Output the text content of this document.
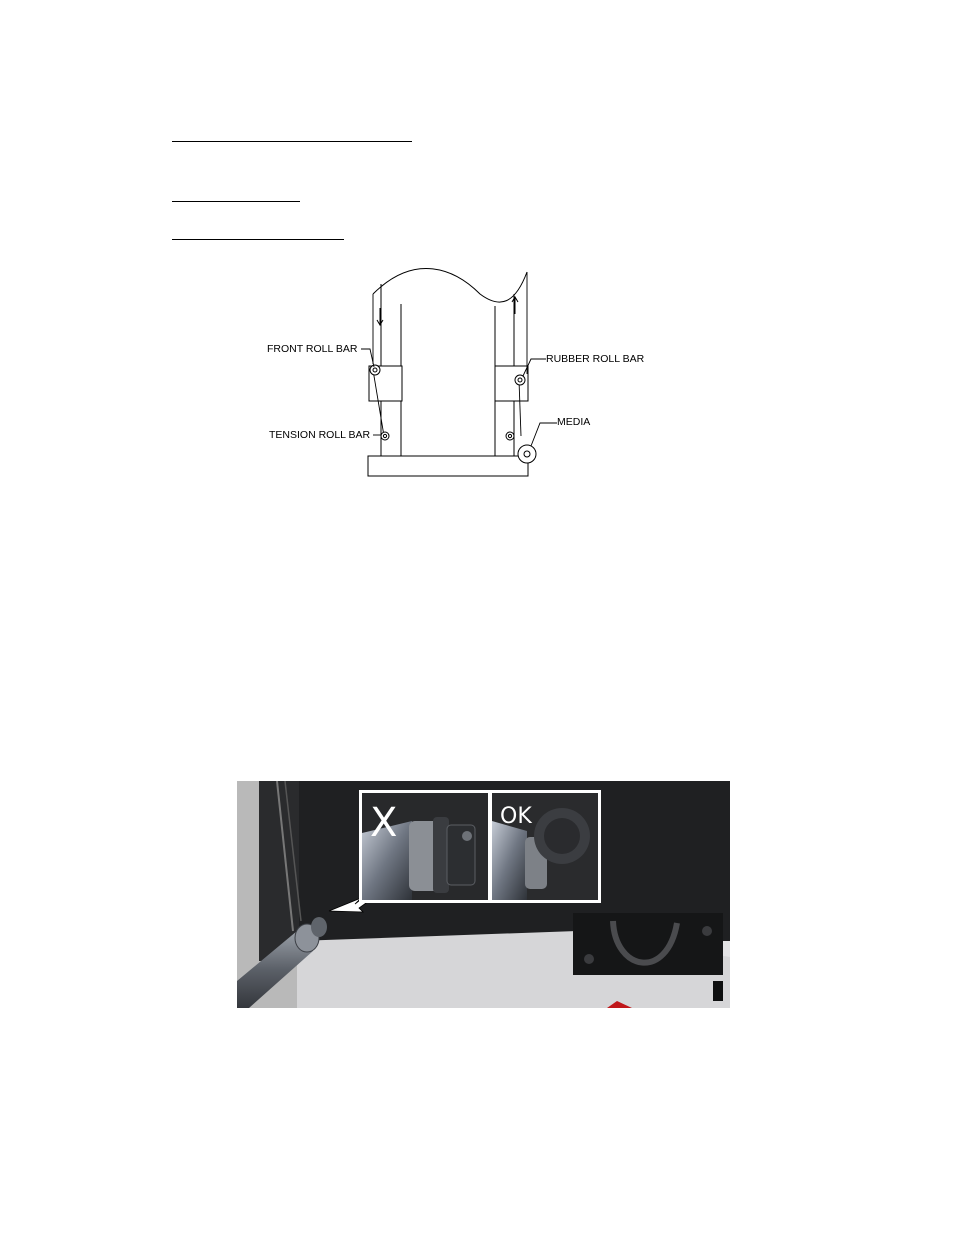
FRONT ROLL BAR
TENSION ROLL BAR
RUBBER ROLL BAR
MEDIA
X	OK
